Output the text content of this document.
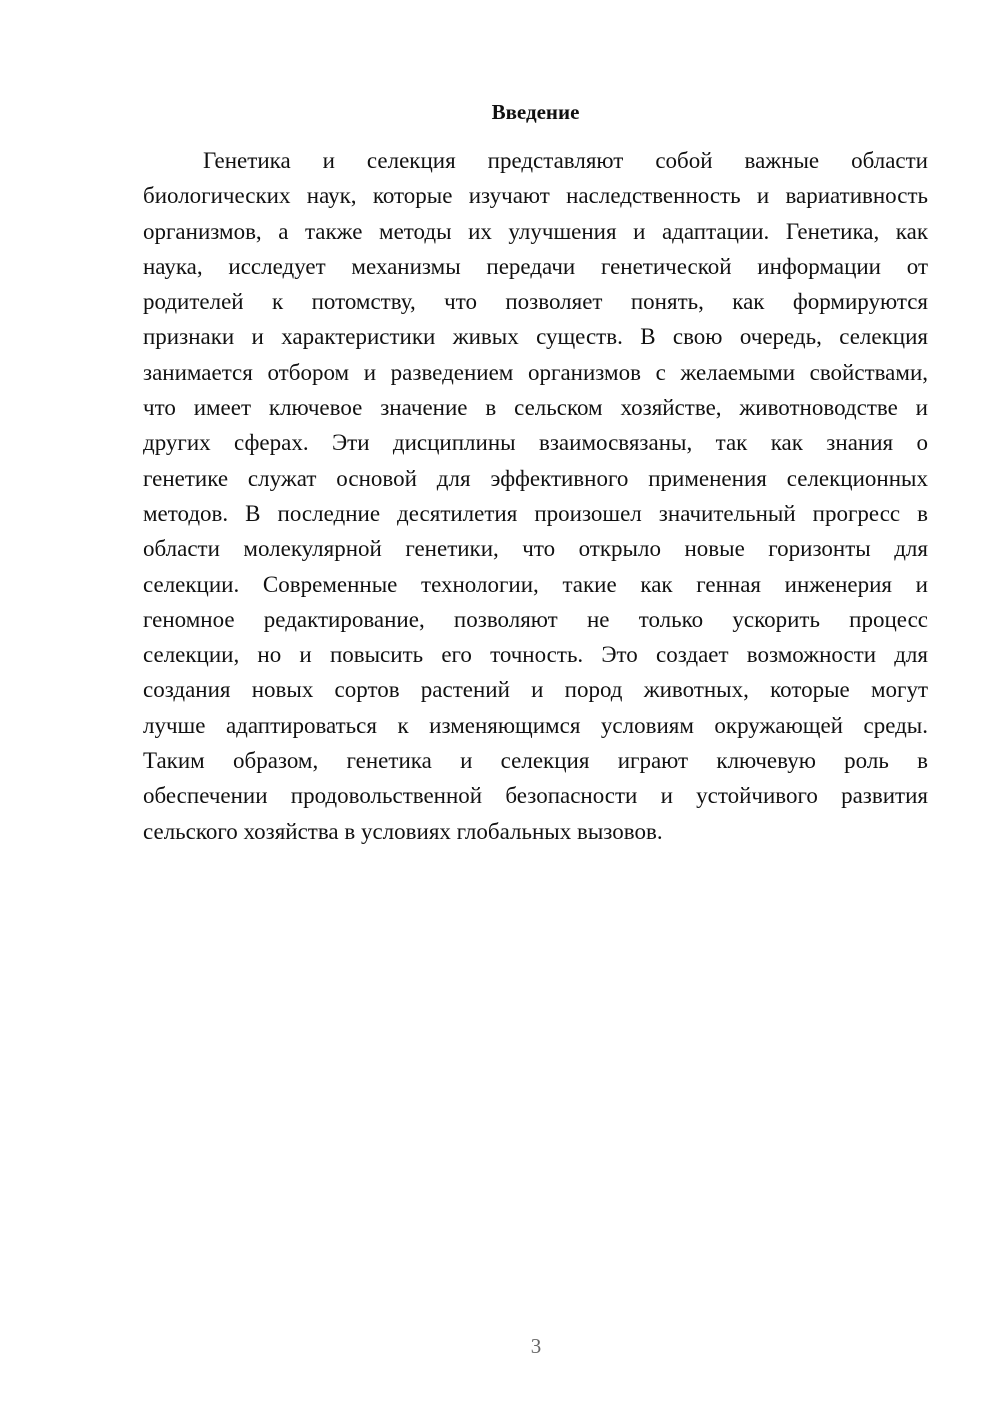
Введение
Генетика и селекция представляют собой важные области
биологических наук, которые изучают наследственность и вариативность
организмов, а также методы их улучшения и адаптации. Генетика, как
наука, исследует механизмы передачи генетической информации от
родителей к потомству, что позволяет понять, как формируются
признаки и характеристики живых существ. В свою очередь, селекция
занимается отбором и разведением организмов с желаемыми свойствами,
что имеет ключевое значение в сельском хозяйстве, животноводстве и
других сферах. Эти дисциплины взаимосвязаны, так как знания о
генетике служат основой для эффективного применения селекционных
методов. В последние десятилетия произошел значительный прогресс в
области молекулярной генетики, что открыло новые горизонты для
селекции. Современные технологии, такие как генная инженерия и
геномное редактирование, позволяют не только ускорить процесс
селекции, но и повысить его точность. Это создает возможности для
создания новых сортов растений и пород животных, которые могут
лучше адаптироваться к изменяющимся условиям окружающей среды.
Таким образом, генетика и селекция играют ключевую роль в
обеспечении продовольственной безопасности и устойчивого развития
сельского хозяйства в условиях глобальных вызовов.

3
